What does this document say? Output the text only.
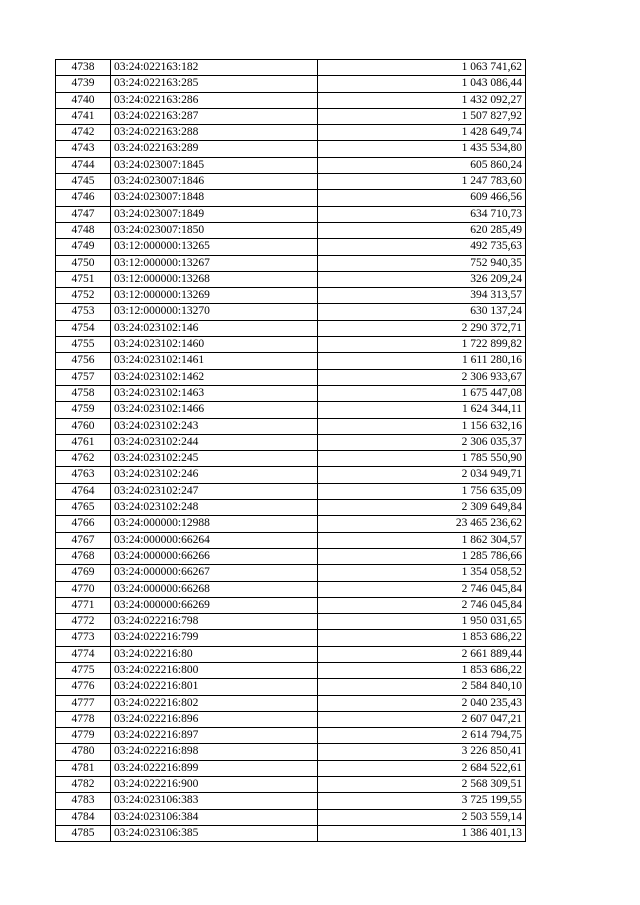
4738	03:24:022163:182	1 063 741,62
4739	03:24:022163:285	1 043 086,44
4740	03:24:022163:286	1 432 092,27
4741	03:24:022163:287	1 507 827,92
4742	03:24:022163:288	1 428 649,74
4743	03:24:022163:289	1 435 534,80
4744	03:24:023007:1845	605 860,24
4745	03:24:023007:1846	1 247 783,60
4746	03:24:023007:1848	609 466,56
4747	03:24:023007:1849	634 710,73
4748	03:24:023007:1850	620 285,49
4749	03:12:000000:13265	492 735,63
4750	03:12:000000:13267	752 940,35
4751	03:12:000000:13268	326 209,24
4752	03:12:000000:13269	394 313,57
4753	03:12:000000:13270	630 137,24
4754	03:24:023102:146	2 290 372,71
4755	03:24:023102:1460	1 722 899,82
4756	03:24:023102:1461	1 611 280,16
4757	03:24:023102:1462	2 306 933,67
4758	03:24:023102:1463	1 675 447,08
4759	03:24:023102:1466	1 624 344,11
4760	03:24:023102:243	1 156 632,16
4761	03:24:023102:244	2 306 035,37
4762	03:24:023102:245	1 785 550,90
4763	03:24:023102:246	2 034 949,71
4764	03:24:023102:247	1 756 635,09
4765	03:24:023102:248	2 309 649,84
4766	03:24:000000:12988	23 465 236,62
4767	03:24:000000:66264	1 862 304,57
4768	03:24:000000:66266	1 285 786,66
4769	03:24:000000:66267	1 354 058,52
4770	03:24:000000:66268	2 746 045,84
4771	03:24:000000:66269	2 746 045,84
4772	03:24:022216:798	1 950 031,65
4773	03:24:022216:799	1 853 686,22
4774	03:24:022216:80	2 661 889,44
4775	03:24:022216:800	1 853 686,22
4776	03:24:022216:801	2 584 840,10
4777	03:24:022216:802	2 040 235,43
4778	03:24:022216:896	2 607 047,21
4779	03:24:022216:897	2 614 794,75
4780	03:24:022216:898	3 226 850,41
4781	03:24:022216:899	2 684 522,61
4782	03:24:022216:900	2 568 309,51
4783	03:24:023106:383	3 725 199,55
4784	03:24:023106:384	2 503 559,14
4785	03:24:023106:385	1 386 401,13
